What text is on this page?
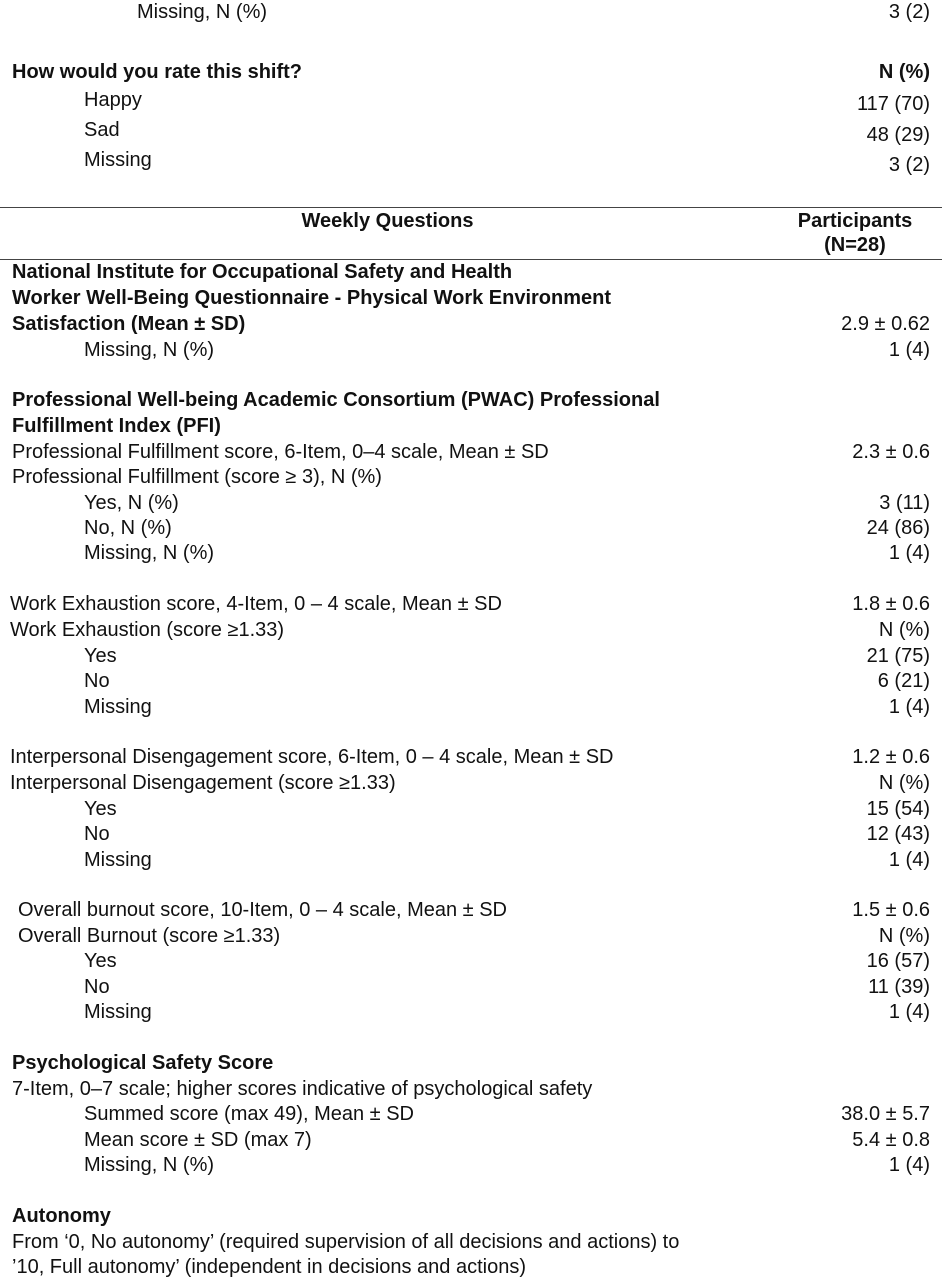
Missing, N (%)	3 (2)
How would you rate this shift?	N (%)
Happy	117 (70)
Sad	48 (29)
Missing	3 (2)
Weekly Questions	Participants
(N=28)
National Institute for Occupational Safety and Health
Worker Well-Being Questionnaire - Physical Work Environment
Satisfaction (Mean ± SD)	2.9 ± 0.62
Missing, N (%)	1 (4)
Professional Well-being Academic Consortium (PWAC) Professional
Fulfillment Index (PFI)
Professional Fulfillment score, 6-Item, 0–4 scale, Mean ± SD	2.3 ± 0.6
Professional Fulfillment (score ≥ 3), N (%)
Yes, N (%)	3 (11)
No, N (%)	24 (86)
Missing, N (%)	1 (4)
Work Exhaustion score, 4-Item, 0 – 4 scale, Mean ± SD	1.8 ± 0.6
Work Exhaustion (score ≥1.33)	N (%)
Yes	21 (75)
No	6 (21)
Missing	1 (4)
Interpersonal Disengagement score, 6-Item, 0 – 4 scale, Mean ± SD	1.2 ± 0.6
Interpersonal Disengagement (score ≥1.33)	N (%)
Yes	15 (54)
No	12 (43)
Missing	1 (4)
Overall burnout score, 10-Item, 0 – 4 scale, Mean ± SD	1.5 ± 0.6
Overall Burnout (score ≥1.33)	N (%)
Yes	16 (57)
No	11 (39)
Missing	1 (4)
Psychological Safety Score
7-Item, 0–7 scale; higher scores indicative of psychological safety
Summed score (max 49), Mean ± SD	38.0 ± 5.7
Mean score ± SD (max 7)	5.4 ± 0.8
Missing, N (%)	1 (4)
Autonomy
From ‘0, No autonomy’ (required supervision of all decisions and actions) to
’10, Full autonomy’ (independent in decisions and actions)
